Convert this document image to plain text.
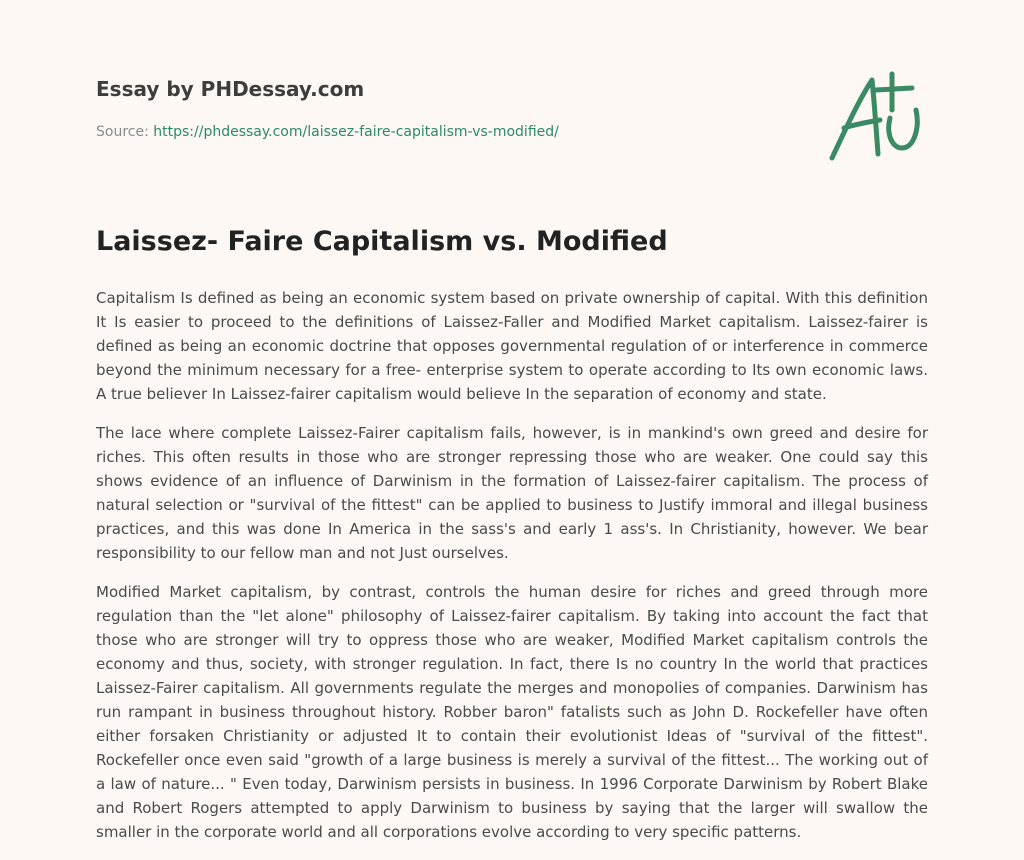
Essay by PHDessay.com
Source: https://phdessay.com/laissez-faire-capitalism-vs-modified/
Laissez- Faire Capitalism vs. Modified

Capitalism Is defined as being an economic system based on private ownership of capital. With this definition It Is easier to proceed to the definitions of Laissez-Faller and Modified Market capitalism. Laissez-fairer is defined as being an economic doctrine that opposes governmental regulation of or interference in commerce beyond the minimum necessary for a free- enterprise system to operate according to Its own economic laws. A true believer In Laissez-fairer capitalism would believe In the separation of economy and state.

The lace where complete Laissez-Fairer capitalism fails, however, is in mankind's own greed and desire for riches. This often results in those who are stronger repressing those who are weaker. One could say this shows evidence of an influence of Darwinism in the formation of Laissez-fairer capitalism. The process of natural selection or "survival of the fittest" can be applied to business to Justify immoral and illegal business practices, and this was done In America in the sass's and early 1 ass's. In Christianity, however. We bear responsibility to our fellow man and not Just ourselves.

Modified Market capitalism, by contrast, controls the human desire for riches and greed through more regulation than the "let alone" philosophy of Laissez-fairer capitalism. By taking into account the fact that those who are stronger will try to oppress those who are weaker, Modified Market capitalism controls the economy and thus, society, with stronger regulation. In fact, there Is no country In the world that practices Laissez-Fairer capitalism. All governments regulate the merges and monopolies of companies. Darwinism has run rampant in business throughout history. Robber baron" fatalists such as John D. Rockefeller have often either forsaken Christianity or adjusted It to contain their evolutionist Ideas of "survival of the fittest". Rockefeller once even said "growth of a large business is merely a survival of the fittest... The working out of a law of nature... " Even today, Darwinism persists in business. In 1996 Corporate Darwinism by Robert Blake and Robert Rogers attempted to apply Darwinism to business by saying that the larger will swallow the smaller in the corporate world and all corporations evolve according to very specific patterns.
